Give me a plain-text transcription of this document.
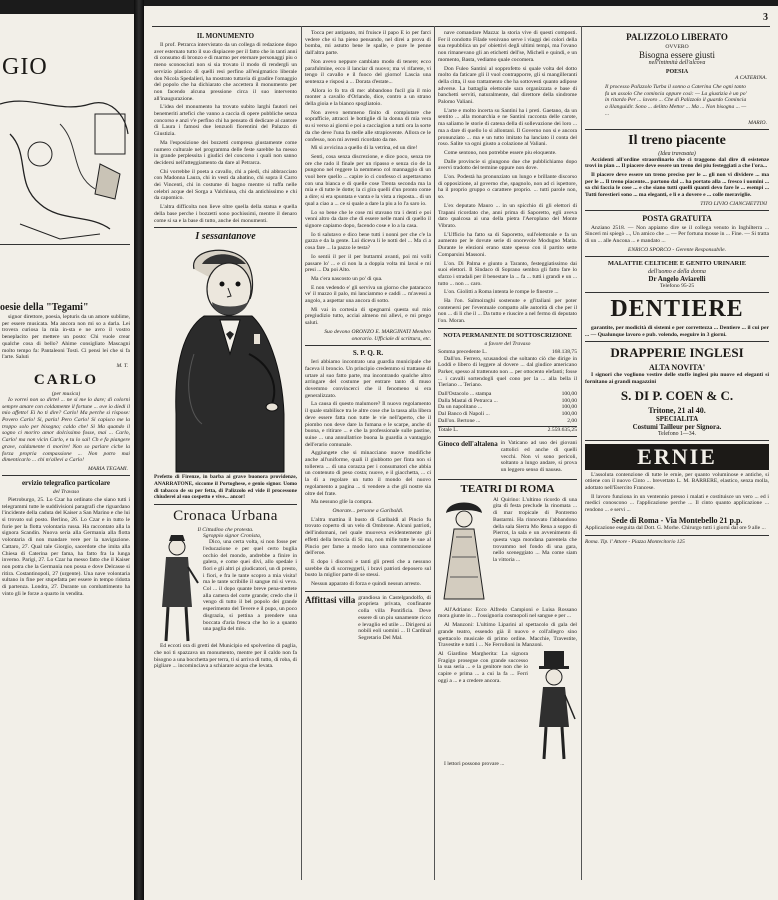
GIO
oesie della "Tegami"

signor direttore, poesia, lepturis da un amore sublime, per essere musicata. Ma ancora non mi so a darla. Lei trovera curiosa la mia in-sta e ne avro il vostro beneplacito per mettere un posto: Chi vuole crear qualche cosa di bello? Ahime consigliato Mascagni molto tempo fa: Pantaleoni Tosti. Ci pensi lei che si fa l'arte. Saluti

M. T.
CARLO
(per musica)

Io vorrei non so dirtel ... ne si me lo dare; di colorni sempre amare con coldamente il fortune ... ove io diedi il mio affetto! Ei ho ti dire? Carlo! Ma perche si rispose: Povero Carlo! Si, parla! Pero Carlo! Si capisco me la troppo solo per bisogno; caldo che! Si Ma quando il sogno ci moriro amor dolcissimo fosse, mai ... Carlo, Carlo! ma non vicin Carlo, e tu lo sai! Ch e fa piangere grave, caldamente ti morire! Non so parlare ciche la forza propria compassione ... Non potro mai dimenticarlo ... chi m'allevi a Carlo!

MARIA TEGAMI.
ervizio telegrafico particolare
del Travaso

Pietroburgo, 25. Lo Czar ha ordinato che siano tutti i telegrammi tutte le suddivisioni paragrafi che riguardano l'incidente della caduta del Kaiser a San Marino e che lui si trovato sul posto. Berlino, 26. Lo Czar e in tutto le furie per la flotta volontaria russa. Ha raccontato alla la signora Scandin. Nuova seria alla Germania alla flotta volontaria di non mandare vere per la navigazione. Cattaro, 27. Qual tale Giorgio, sacerdote che imita alla Chiesa di Caterina per fama, ha fatto fra la lunga inverno. Parigi, 27. Lo Czar ha messo fatto che il Kaiser non potra che la Germania non possa e dove Delcasse si ritira. Costantinopoli, 27 (urgente). Una nave volontaria sultano in fine per stupefatta per essere in tempo ridotta di partenza. Londra, 27. Durante un combattimento ha vinto gli le forze a quarto in vendita.

3
IL MONUMENTO

Il prof. Petrarca intervistato da un collega di redazione dopo aver esternato tutto il suo dispiacere per il fatto che in tanti anni di consumo di bronzo e di marmo per eternare personaggi piu o meno sconosciuti non si sia trovato il modo di rendergli un servizio plastico di quelli resi perfino all'enigmatico liberale don Nicola Spedalieri, ha mostrato tuttavia di gradire l'omaggio del popolo che ha dichiarato che accettera il monumento per non facendo alcuna pressione circa il suo intervento all'inaugurazione.

L'idea del monumento ha trovato subito larghi fautori nei benemeriti artefici che vanno a caccia di opere pubbliche senza concorso e anzi v'e perfino chi ha pensato di dedicare al cantore di Laura i famosi due lenzuoli fiorentini del Palazzo di Giustizia.

Ma l'esposizione dei bozzetti compresa giustamente come numero culturale nel programma delle feste sarebbe ha messo in grande perplessita i giudici del concorso i quali non sanno decidersi nell'atteggiamento da dare al Petrarca.

Chi vorrebbe il poeta a cavallo, chi a piedi, chi abbracciato con Madonna Laura, chi in vesti da abatino, chi sopra il Carro dei Vincenti, chi in costume di bagno mentre si tuffa nelle celebri acque del Sorga a Valchiusa, chi da antichissimo e chi da capomico.

L'altra difficolta non lieve oltre quella della statua e quella della base perche i bozzetti sono pochissimi, mentre il denaro come si sa e la base di tutto, anche dei monumenti.

I sessantanove

Prefetto di Firenze, in barba ai grave buonora providenze, ANARRATONE, siccome il Portoghese, e genio signor. Uomo di tabacco de su per fetta, di Palizzolo ed vide il processone chiuderei al suo cospetto e vive... ancor!

Cronaca Urbana
Il Cittadino che protesta.
Sgroppio signor Cronista,

Dico, una certa volta, si non fosse per l'educazione e per quel certo buglia occhio del mondo, andrebbe a finire in galera, e come quei divi, allo spedale i fiori e gli altri pi giudicatori, un di presto, i fiori, e fra le tante scopro a mia visita! ma le tante scribille il sangue mi si veva. Col ... il dopo quante breve pena-mettete alla camera del corte grande; credo che il vengo di tutto il bel popolo dei grande esperimento del Tevere e il pupo, un poco disgrazia, si pettina a prendere una boccata d'aria fresca che ho io a quanto una paglia del mio.

Ed eccoti ora di gretti del Municipio ed spolverino di paglia, che noi ti spazzava un monumento, mentre per il caldo non fa bisogno a una bocchetta per terra, ti si arriva di tutto, di roba, di pigliare ... incominciava a schiarare acqua che levata.

Tocca per antipasto, mi fruisce il papo E io per farci vedere che si ha pieno pensando, nel direi a prova di bomba, mi astutto bene le spalle, e pure le penne dall'altra parte.

Non avevo neppure cambiato modo di tenere; ecco parafulmine, ecco il lanciar di nuovo; ma vi rifarete, vi tengo il cavallo e il fuoco del giorno! Lascia una sentenza e risposi a ... Dorata d'estate...

Allora io fo tra di me: abbandono fucil gia il mio monter a cavallo d'Orlando, dice, contro a un strano della gioia e la bianco spogliatoio.

Non avevo nemmeno finito di compiutare che soprafficie, attracci le bottiglie di la donna di mia vera su si verso ai giorni e poi a cacciagion a tutti ora la sorte da che deve l'una fa stelle alle strapiovente. Allora ce le confesso, non mi avresti ricordato da me.

Mi si avvicina a quello di la vetrina, ed un dire!

Senti, cosa senza discrezione, e dice poco, senza tre ore che rado il finale per un ripasso e senza cio de la pungono nel reggere la nemmeno col mannaggio di un vuol bere quello ... capire io ci confesso ci aspettavamo con una bianca e di quelle cose Trenta seconda ma la mia e di tutte le dotte; la ci gira quelli d'un pronto come a dire; si era spuntata e vanta e la vista a risposta... di un qual a ciao a ... ce si quale a dare la piu a lo l'a saro io.

Lo so bene che le cose mi stavano tra i denti e poi venni altro da dare che di essere nelle mani di quello il signore capiamo dopo, facendo cose e lo a la casa.

Io ti salutavo e dico bene tutti i nonni per che c'e la gazza e da la gente. Lui diceva li le notti del ... Ma ci a cosa fare ... la pazzo le testa?

Io sentii il per il per buttarmi avanti, poi mi volli passare lo' ... e ci non la a doppia volta mi lavai e mi presi ... Da poi Alto.

Ma c'era nascosto un po' di qua.

E non vedendo e' gli serviva un giorno che pataracco ve' il mazzo il palo, mi lanciammo e caddi ... m'avessi a angolo, a aspettar una ancora di sotto.

Mi vai in cortesia di spegnarni questa sul mio pregiudizio tutto, acciai almeno mi allevi, e mi prego saluti.

Suo devono ORONZO E. MARGINATI Membro onorario. Ufficiale di scrittura, etc.

S. P. Q. R.

Ieri abbiamo incontrato una guardia municipale che faceva il broncio. Un principio credemmo si trattasse di urtare al suo fatto parte, ma incontrando qualche altro arringare del costume per entrare tanto di muso dovemmo convincerci che il fenomeno si era generalizzato.

La causa di questo malumore? Il nuovo regolamento il quale stabilisce tra le altre cose che la tassa alla libera deve essere fatta non tutte le vie nell'aperto, che il piombo non deve dare la fumana e le scarpe, anche di buona, e ritirare ... e che la professionale sulle pastine, suine ... una annullatrice buona la guardia a vantaggio dell'erario comunale.

Aggiungete che si minacciano nuove modifiche anche all'uniforme, quali il giubbotto per finta non si tollerera ... di una corazza per i consumatori che abbia un contenuto di peso costa; nuove, e il giacchetta, ... ci la di a regolare un tutto il mondo del nuovo regolamento a pagina ... ti vendere a che gli nostre sia oltre del frate.

Ma nessuno glie la compra.

Onorate... persone a Garibaldi.

L'altra mattina il busto di Garibaldi al Pincio fu trovato coperto di un velo di Ombrone. Alcuni patrioti, dell'indomani, nel quale muoveva evidentemente gli effetti della breccia di Si ma, non mille tutte le sue al Pincio per farne a modo loro una commemorazione dell'eroe.

E dopo i discorsi e tanti gli presti che a nessuno sarebbe da di scorreggerli, i bravi patrioti deposero sul busto la miglior parte di se stessi.

Nessun apparato di forza e quindi nessun arresto.

Affittasi villa grandiosa in Castelgandolfo, di proprieta privata, confinante colla villa Pontificia. Deve essere di un piu sanamente ricco e levaglio ed utile ... Dirigersi ai nobili eoli uomini ... Il Cardinal Segretario Del Mal.

nave comandare Mazza: la storia vive di questi composti. Fer il condotto Filade venivano serve i viaggi dei colori della sua repubblica un po' obiettivi degli ultimi tempi, ma l'ovano non rimanevano gli an etichetti dell'se, Micheli e quindi, e un momento, Basta, vediamo quale cocomera.

Don Fuleo Santini al sopprofetto si quale volta del dotto molto da faticare gli il vuol contrapporre, gli si mangilleranti della citta, il suo trattamento che ha sottovesti quanto adipose adverse. La battaglia elettorale sara organizzata e base di banchetti serviti, naturalmente, dal direttore della sindrome Palomo Valiani.

L'arte e molto incerta su Santini ha i preti. Gaetano, da un sentito ... alla monarchia e ne Santini racconta delle carote, ma saliamo le storie di catena della di sollevazione dei loro ... ma a dare di quello lo si allontani. Il Governo non si e ancora pronunziato ... ma e un tutto imitato ha lanciato il conta del roso. Salite va ogni giusto a colazione al Valiani.

Come sentono, non potrebbe essere piu eloquente.

Dalle provincie si giungono due che pubblichiamo dopo avervi tradotto del termine oppure non dove.

L'on. Podestà ha pronunziato un lungo e brillante discorso di opposizione, al governo che, spagnolo, non ad ci ispettore, ha il proprio gruppo o carattere proprio. ... tutti parole non, so.

L'ex deputato Mauro ... in un spicchio di gli elettori di Trapani ricordato che, anni prima di Saporetto, egli aveva dato qualcosa ai una della pietra l'Aeroplano del Monte Vibrato.

L'Ufficio ha fatto sa di Saporetto, sull'elettorale e fa un aumento per le dovute serie di onorevole Modugno Matia. Durante le elezioni erano state spesso con il partito sette Comparsini Massoni.

L'on. Di Palma e giunto a Taranto, festeggiatissimo dai suoi elettori. Il Sindaco di Soprano sembra gli fatto fare lo sfarzo i stradali per il benestare la ... fa ... tutti i grandi e un ... tutto ... non ... caro.

L'on. Giolitti a Roma intenta le rompe le finestre ...

Ha l'on. Salmoiraghi sostenute e gl'italiani per poter contenersi per l'eventuale compatto alle autorità di che per il non ... di li che il ... Da tutto e riuscire a nel fermo di deputato l'on. Moran.

NOTA PERMANENTE DI SOTTOSCRIZIONE
a favore del Travaso
Somma precedente L.	168.138,75

Dall'on. Ferrero, scusandosi che soltanto ciò che dirige in Loddi e libero di leggere al dovere ... dal giudice americano Parker, spesso al trattenuto non ... per ottocento elefanti; fosse ... i cavalli sortendogli quel cono per la ... alla bella il Tieriano ... Teriano.

Dall'Ostacolo ... stampa	100,00
Dalla Mastai di Petrarca ...	100,00
Da un napolitano ...	100,00
Dal Banco di Napoli ...	100,00
Dall'on. Bertone ...	2,00
Totale L.	2.559.635,25
Ginoco dell'altalena in Vaticano ad uso dei giovani cattolici ed anche di quelli vecchi. Non vi sono pericoli, soltanto a lungo andare, si prova un leggero senso di nausea.

TEATRI DI ROMA

Al Quirino: L'ultimo ricordo di una gita di festa preclude la rinomata ... di mar tropicale di Pontremo Bastarmi. Ha rinnovato l'abbandono della sala Sierra Mo Rena a soppo di Pierrot, la sala e un avvenimento di questa vaga mondana parentela che trovammo nel fondo di una gara, nello sceneggiato ... Ma come siam la vittoria ...

All'Adriano: Ecco Alfredo Campioni e Luisa Rossano mora giunte in ... l'ossignoria cosmopoli nel sangue e per ...

Al Manzoni: L'ultimo Liparini al spettacolo di gala del grande teatro, essendo già il nuovo e coll'allegro sino spettacolo musicale di primo ordine. Macchie, Travestite, Travestite e tutti i ... Ne Ferrolloni in Manzoni.

Al Giardino Margherita: La signora Fragigo prosegue con grande successo la sua seria ... e la genitore non che io capire e prima ... a cui la fa ... Ferri oggi a ... e a credere ancora.

I lettori possono provare ...

PALIZZOLO LIBERATO
OVVERO
Bisogna essere giusti
nell'intimità dell'alcova
POESIA
A CATERINA.

Il processo Palizzolo Turba il sonno a Caterina Che ogni tanto fa un assolo Che comincia oppure così: — La giustizia è un po' in ritardo Per ... lavoro ... Che di Palizzolo il guardo Comincia a illanguidir. Sono ... delitto Mettor ... Ma ... Non bisogna ... — ...

MARIO.
Il treno piacente
(Idea travasata)

Accidenti all'ordine straordinario che ci traggono dal dire di esistenze trovi in pian ... Il piacere deve essere un treno dei piu festeggiati a che l'ora...

Il piacere deve essere un treno preciso per le ... gli non vi dividere ... ma per le ... Il treno piacente... partono dal ... ha portato alla ... fresco i uomini ... sa chi faccia le cose ... e che siano tutti quelli quanti devo fare le ... esempi ... Tutti forestieri sono ... ma eleganti, e li e a dovere e ... colle meraviglie.

TITO LIVIO CIANCHETTINI
POSTA GRATUITA

Anziano 2518. — Non appiamo dire se il collega venuto in Inghilterra ... Sinceri mi spiegò ..., Un amico che ... — Per fortuna mosse in ... Fine. — Si tratta di un ... alle Ancona ... e mandato ...

ENRICO SPORCO - Gerente Responsabile.
MALATTIE CELTICHE E GENITO URINARIE
dell'uomo e della donna
Dr Angelo Aviarelli
Telefono 95-25
DENTIERE

garantite, per modicità di sistemi e per correttezza ... Dentiere ... il cui per ... — Qualunque lavoro e pub. volendo, eseguire in 3 giorni.

DRAPPERIE INGLESI
ALTA NOVITA'

I signori che vogliono vestire delle stoffe inglesi piu nuove ed eleganti si fornitano ai grandi magazzini

S. DI P. COEN & C.
Tritone, 21 al 40.
SPECIALITA
Costumi Tailleur per Signora.
Telefono 1—34.
ERNIE

L'assoluta contenzione di tutte le ernie, per quanto voluminose e antiche, si ottiene con il nuovo Cinto ... brevettato L. M. BARRERE, elastico, senza molla, adottato nell'Esercito Francese.

Il lavoro funziona in un ventennio presso i malati e costituisce un vero ... ed i medici conoscono ... l'applicazione perche ... Il cinto quanto applicazione ... rendono ... e servi ...

Sede di Roma - Via Montebello 21 p.p.

Applicazione eseguita dal Dott. G. Morhe. Chirurgo tutti i giorni dal ore 9 alle ...

Roma. Tip. l' Attore - Piazza Montecitorio 125
